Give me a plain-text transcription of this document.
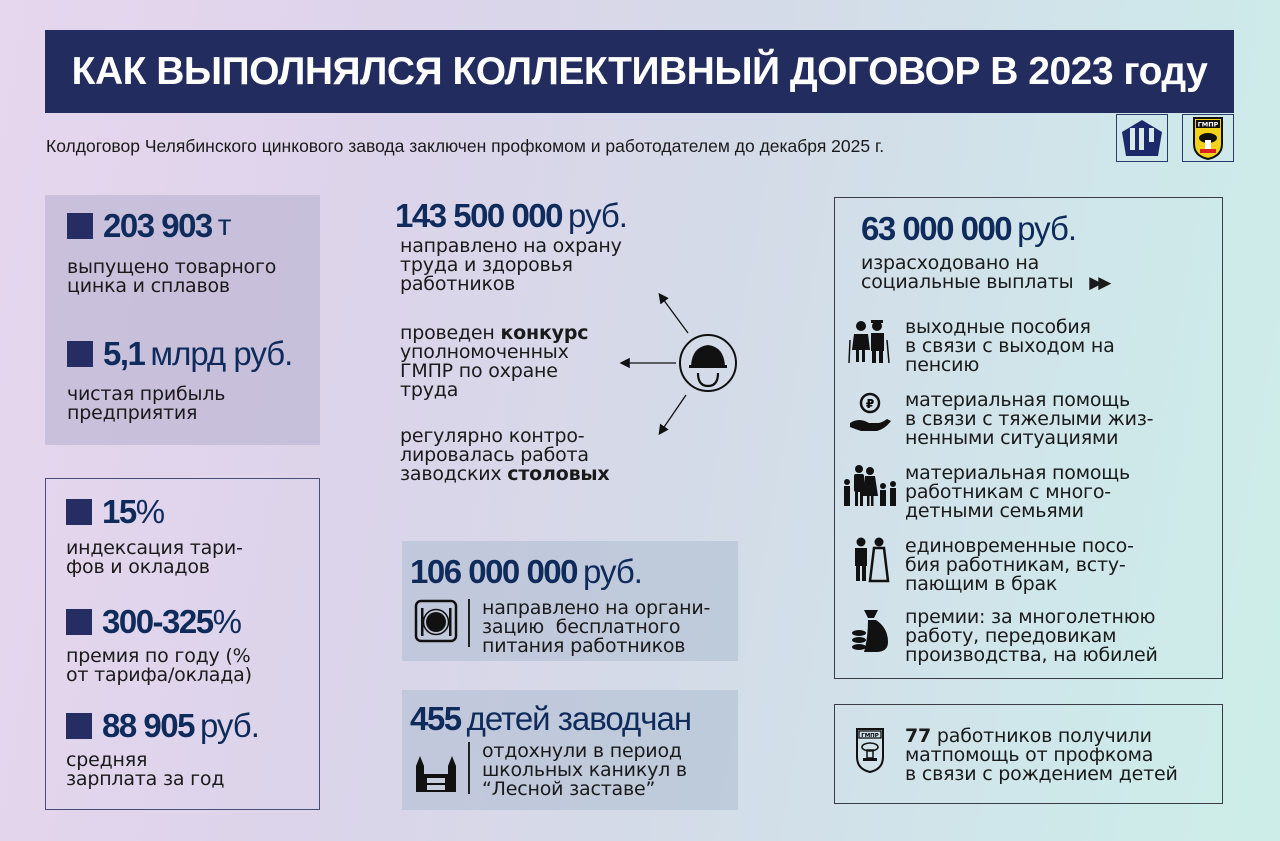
КАК ВЫПОЛНЯЛСЯ КОЛЛЕКТИВНЫЙ ДОГОВОР В 2023 году
Колдоговор Челябинского цинкового завода заключен профкомом и работодателем до декабря 2025 г.
ГМПР
203 903 т
выпущено товарного
цинка и сплавов
5,1 млрд руб.
чистая прибыль
предприятия
15 %
индексация тари-
фов и окладов
300-325 %
премия по году (%
от тарифа/оклада)
88 905 руб.
средняя
зарплата за год
143 500 000 руб.
направлено на охрану
труда и здоровья
работников
проведен конкурс
уполномоченных
ГМПР по охране
труда
регулярно контро-
лировалась работа
заводских столовых
106 000 000 руб.
направлено на органи-
зацию  бесплатного
питания работников
455 детей заводчан
отдохнули в период
школьных каникул в
“Лесной заставе”
63 000 000 руб.
израсходовано на
социальные выплаты ▶▶
выходные пособия
в связи с выходом на
пенсию
₽ материальная помощь
в связи с тяжелыми жиз-
ненными ситуациями
материальная помощь
работникам с много-
детными семьями
единовременные посо-
бия работникам, всту-
пающим в брак
премии: за многолетнюю
работу, передовикам
производства, на юбилей
ГМПР 77 работников получили
матпомощь от профкома
в связи с рождением детей
